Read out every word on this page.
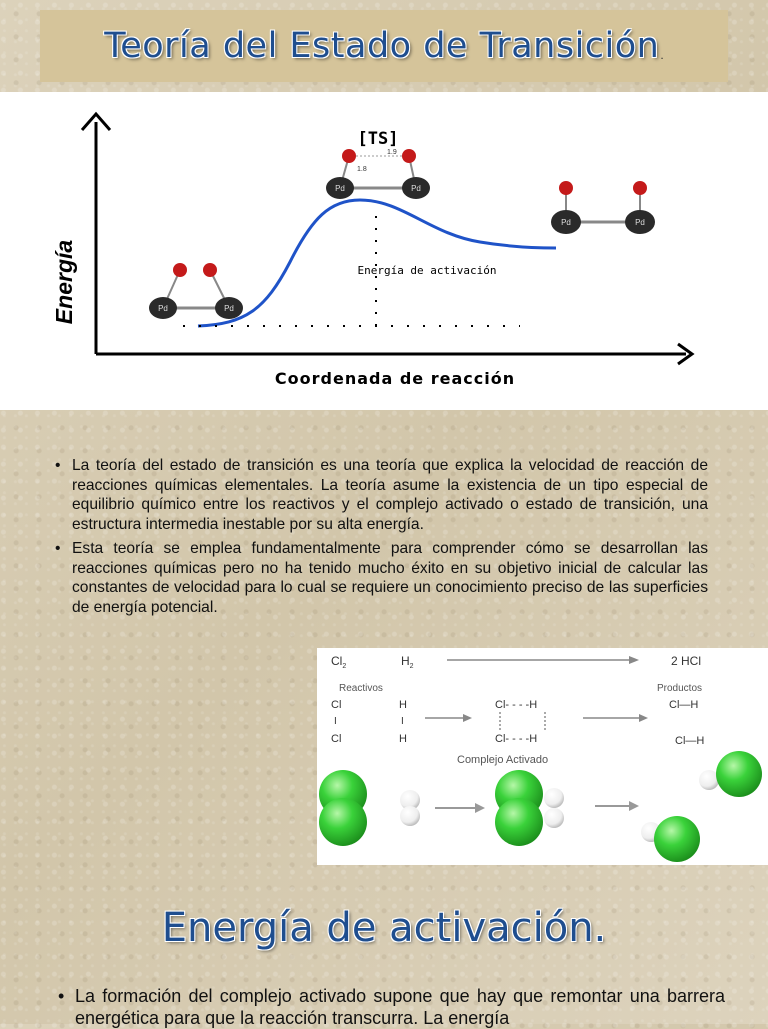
Teoría del Estado de Transición .
Energía
Coordenada de reacción
Energía de activación
[TS]
1.9
1.8
Pd	Pd
Pd	Pd
Pd	Pd
• La teoría del estado de transición es una teoría que explica la velocidad de reacción de reacciones químicas elementales. La teoría asume la existencia de un tipo especial de equilibrio químico entre los reactivos y el complejo activado o estado de transición, una estructura intermedia inestable por su alta energía.
• Esta teoría se emplea fundamentalmente para comprender cómo se desarrollan las reacciones químicas pero no ha tenido mucho éxito en su objetivo inicial de calcular las constantes de velocidad para lo cual se requiere un conocimiento preciso de las superficies de energía potencial.
$Cl_2$	$H_2$	2 HCl
Reactivos	Productos
Cl
I
Cl
H
I
H
Cl- - - -H
Cl- - - -H
Cl—H
Cl—H
Complejo Activado
Energía de activación.
• La formación del complejo activado supone que hay que remontar una barrera energética para que la reacción transcurra. La energía
